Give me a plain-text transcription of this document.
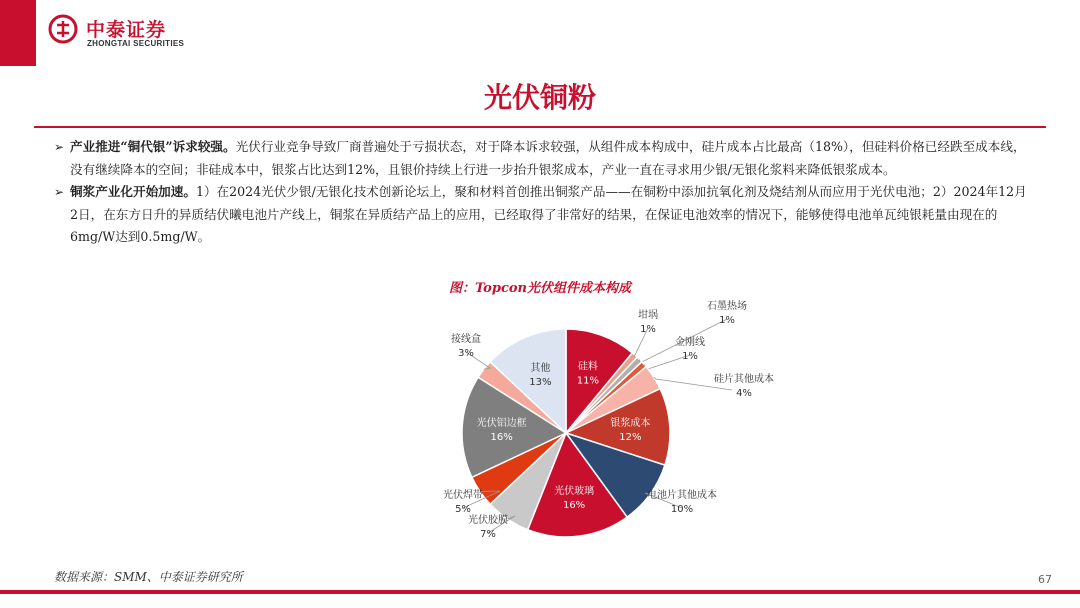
中泰证券
ZHONGTAI SECURITIES
光伏铜粉
➢ 产业推进“铜代银”诉求较强。光伏行业竞争导致厂商普遍处于亏损状态，对于降本诉求较强，从组件成本构成中，硅片成本占比最高（18%），但硅料价格已经跌至成本线，没有继续降本的空间；非硅成本中，银浆占比达到12%，且银价持续上行进一步抬升银浆成本，产业一直在寻求用少银/无银化浆料来降低银浆成本。
➢ 铜浆产业化开始加速。1）在2024光伏少银/无银化技术创新论坛上，聚和材料首创推出铜浆产品——在铜粉中添加抗氧化剂及烧结剂从而应用于光伏电池；2）2024年12月2日，在东方日升的异质结伏曦电池片产线上，铜浆在异质结产品上的应用，已经取得了非常好的结果，在保证电池效率的情况下，能够使得电池单瓦纯银耗量由现在的6mg/W达到0.5mg/W。
图：Topcon光伏组件成本构成
硅料
11%
坩埚
1%
石墨热场
1%
金刚线
1%
硅片其他成本
4%
银浆成本
12%
电池片其他成本
10%
光伏玻璃
16%
光伏胶膜
7%
光伏焊带
5%
光伏铝边框
16%
接线盒
3%
其他
13%
数据来源：SMM、中泰证券研究所	67
